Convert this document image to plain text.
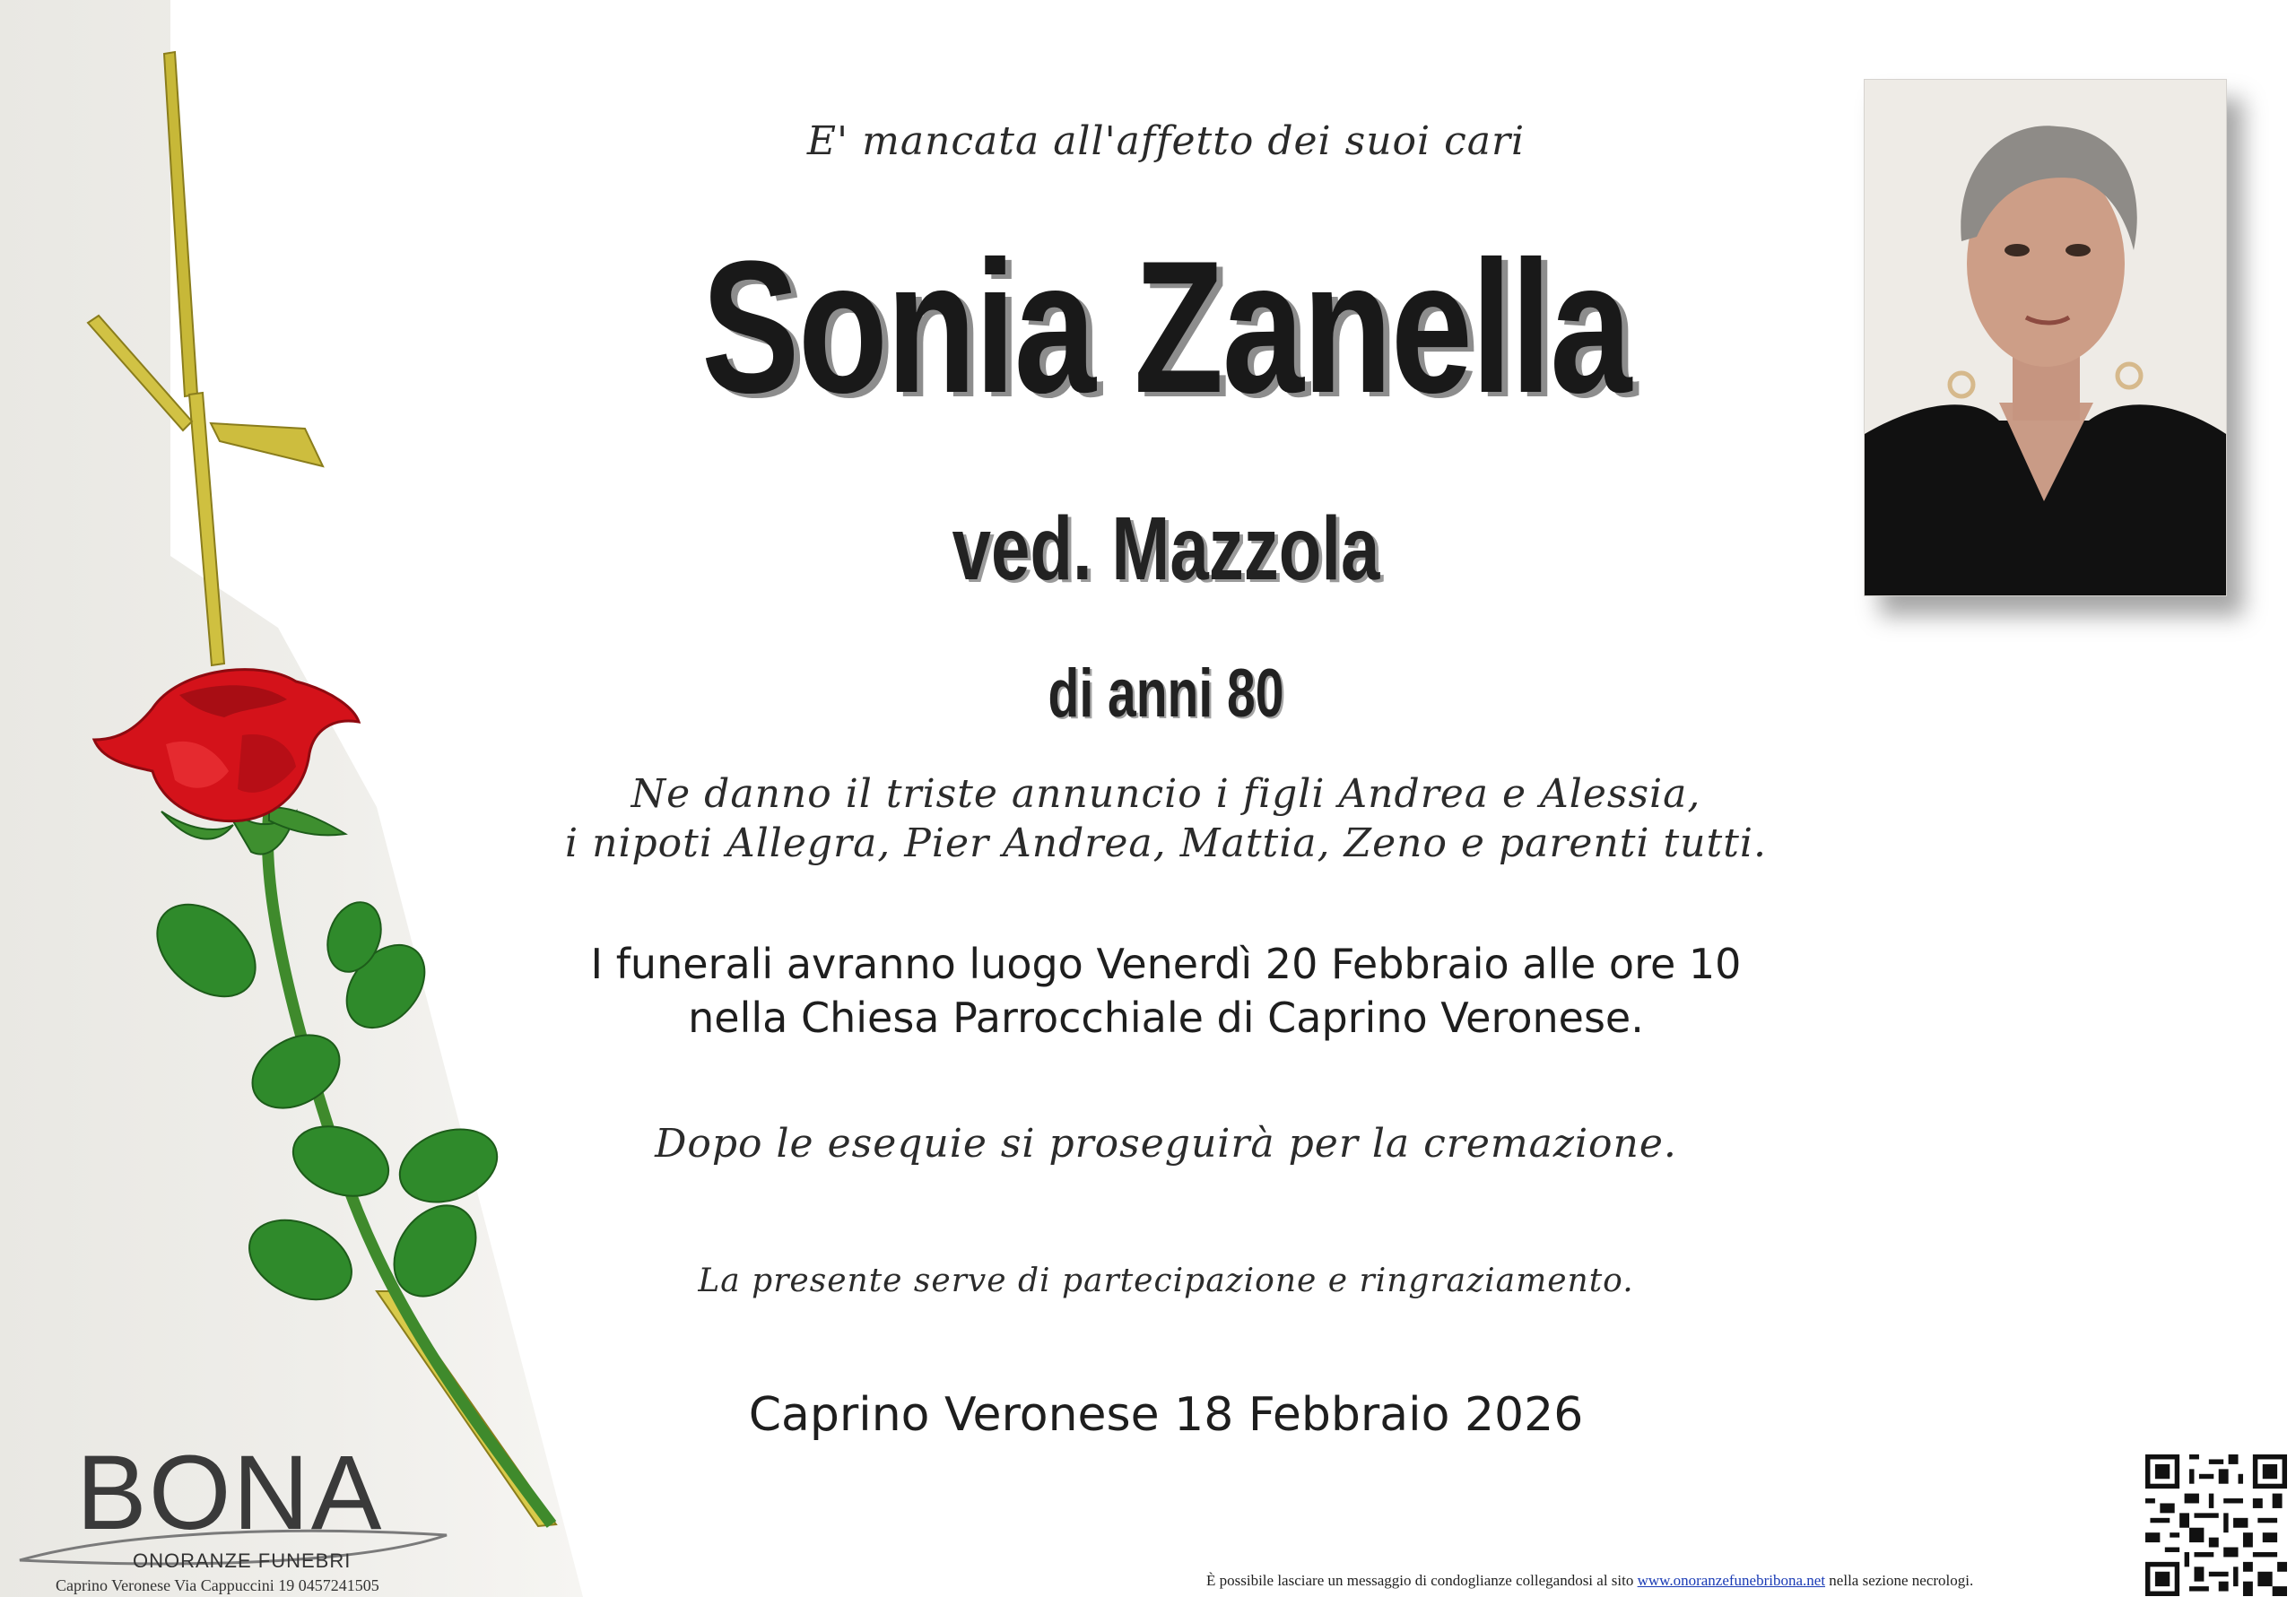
E' mancata all'affetto dei suoi cari
Sonia Zanella
ved. Mazzola
di anni 80
Ne danno il triste annuncio i figli Andrea e Alessia,
i nipoti Allegra, Pier Andrea, Mattia, Zeno e parenti tutti.
I funerali avranno luogo Venerdì 20 Febbraio alle ore 10
nella Chiesa Parrocchiale di Caprino Veronese.
Dopo le esequie si proseguirà per la cremazione.
La presente serve di partecipazione e ringraziamento.
Caprino Veronese 18 Febbraio 2026
BONA
ONORANZE FUNEBRI
Caprino Veronese Via Cappuccini 19 0457241505	È possibile lasciare un messaggio di condoglianze collegandosi al sito www.onoranzefunebribona.net nella sezione necrologi.
